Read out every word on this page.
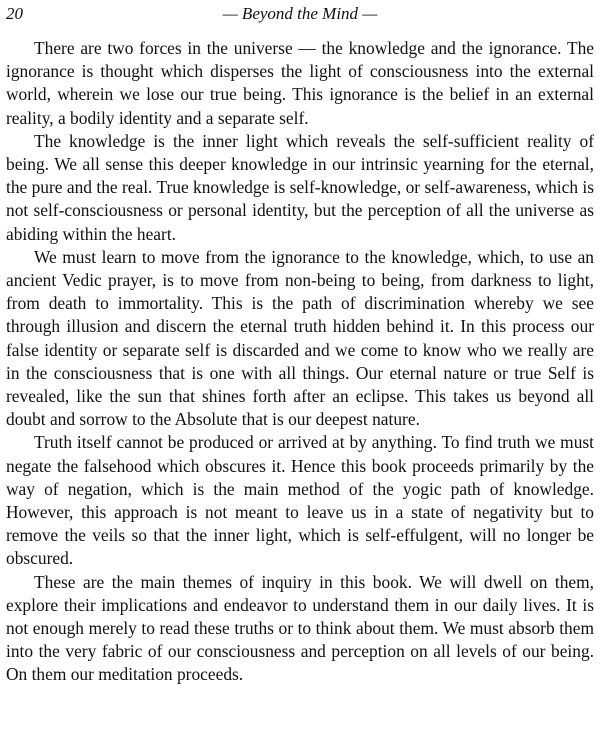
20	— Beyond the Mind —

There are two forces in the universe — the knowledge and the ignorance. The ignorance is thought which disperses the light of consciousness into the external world, wherein we lose our true being. This ignorance is the belief in an external reality, a bodily identity and a separate self.

The knowledge is the inner light which reveals the self-sufficient reality of being. We all sense this deeper knowledge in our intrinsic yearning for the eternal, the pure and the real. True knowledge is self-knowledge, or self-awareness, which is not self-consciousness or personal identity, but the perception of all the universe as abiding within the heart.

We must learn to move from the ignorance to the knowledge, which, to use an ancient Vedic prayer, is to move from non-being to being, from darkness to light, from death to immortality. This is the path of discrimination whereby we see through illusion and discern the eternal truth hidden behind it. In this process our false identity or separate self is discarded and we come to know who we really are in the consciousness that is one with all things. Our eternal nature or true Self is revealed, like the sun that shines forth after an eclipse. This takes us beyond all doubt and sorrow to the Absolute that is our deepest nature.

Truth itself cannot be produced or arrived at by anything. To find truth we must negate the falsehood which obscures it. Hence this book proceeds primarily by the way of negation, which is the main method of the yogic path of knowledge. However, this approach is not meant to leave us in a state of negativity but to remove the veils so that the inner light, which is self-effulgent, will no longer be obscured.

These are the main themes of inquiry in this book. We will dwell on them, explore their implications and endeavor to understand them in our daily lives. It is not enough merely to read these truths or to think about them. We must absorb them into the very fabric of our consciousness and perception on all levels of our being. On them our meditation proceeds.
